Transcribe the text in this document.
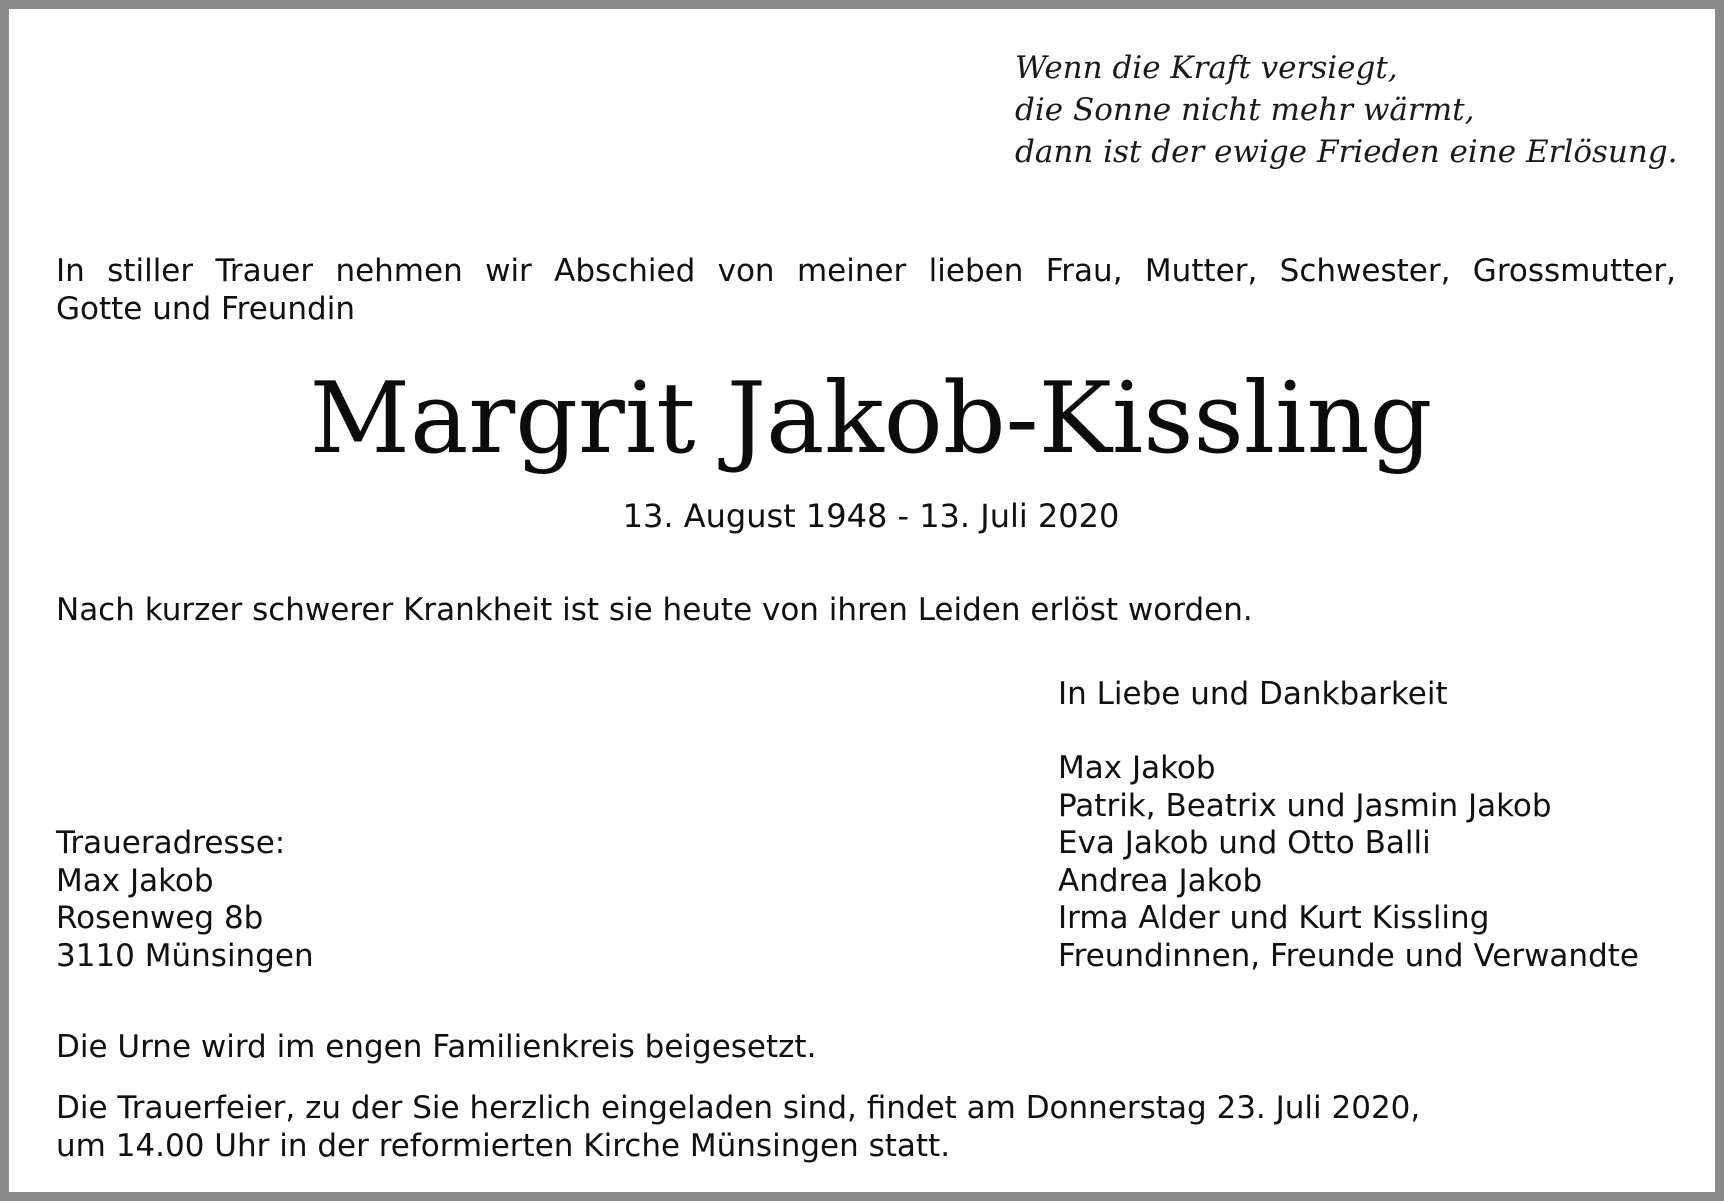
Wenn die Kraft versiegt,
die Sonne nicht mehr wärmt,
dann ist der ewige Frieden eine Erlösung.
In stiller Trauer nehmen wir Abschied von meiner lieben Frau, Mutter, Schwester, Grossmutter,
Gotte und Freundin
Margrit Jakob-Kissling
13. August 1948 - 13. Juli 2020
Nach kurzer schwerer Krankheit ist sie heute von ihren Leiden erlöst worden.
In Liebe und Dankbarkeit
Max Jakob
Patrik, Beatrix und Jasmin Jakob
Eva Jakob und Otto Balli
Andrea Jakob
Irma Alder und Kurt Kissling
Freundinnen, Freunde und Verwandte
Traueradresse:
Max Jakob
Rosenweg 8b
3110 Münsingen
Die Urne wird im engen Familienkreis beigesetzt.
Die Trauerfeier, zu der Sie herzlich eingeladen sind, findet am Donnerstag 23. Juli 2020,
um 14.00 Uhr in der reformierten Kirche Münsingen statt.
